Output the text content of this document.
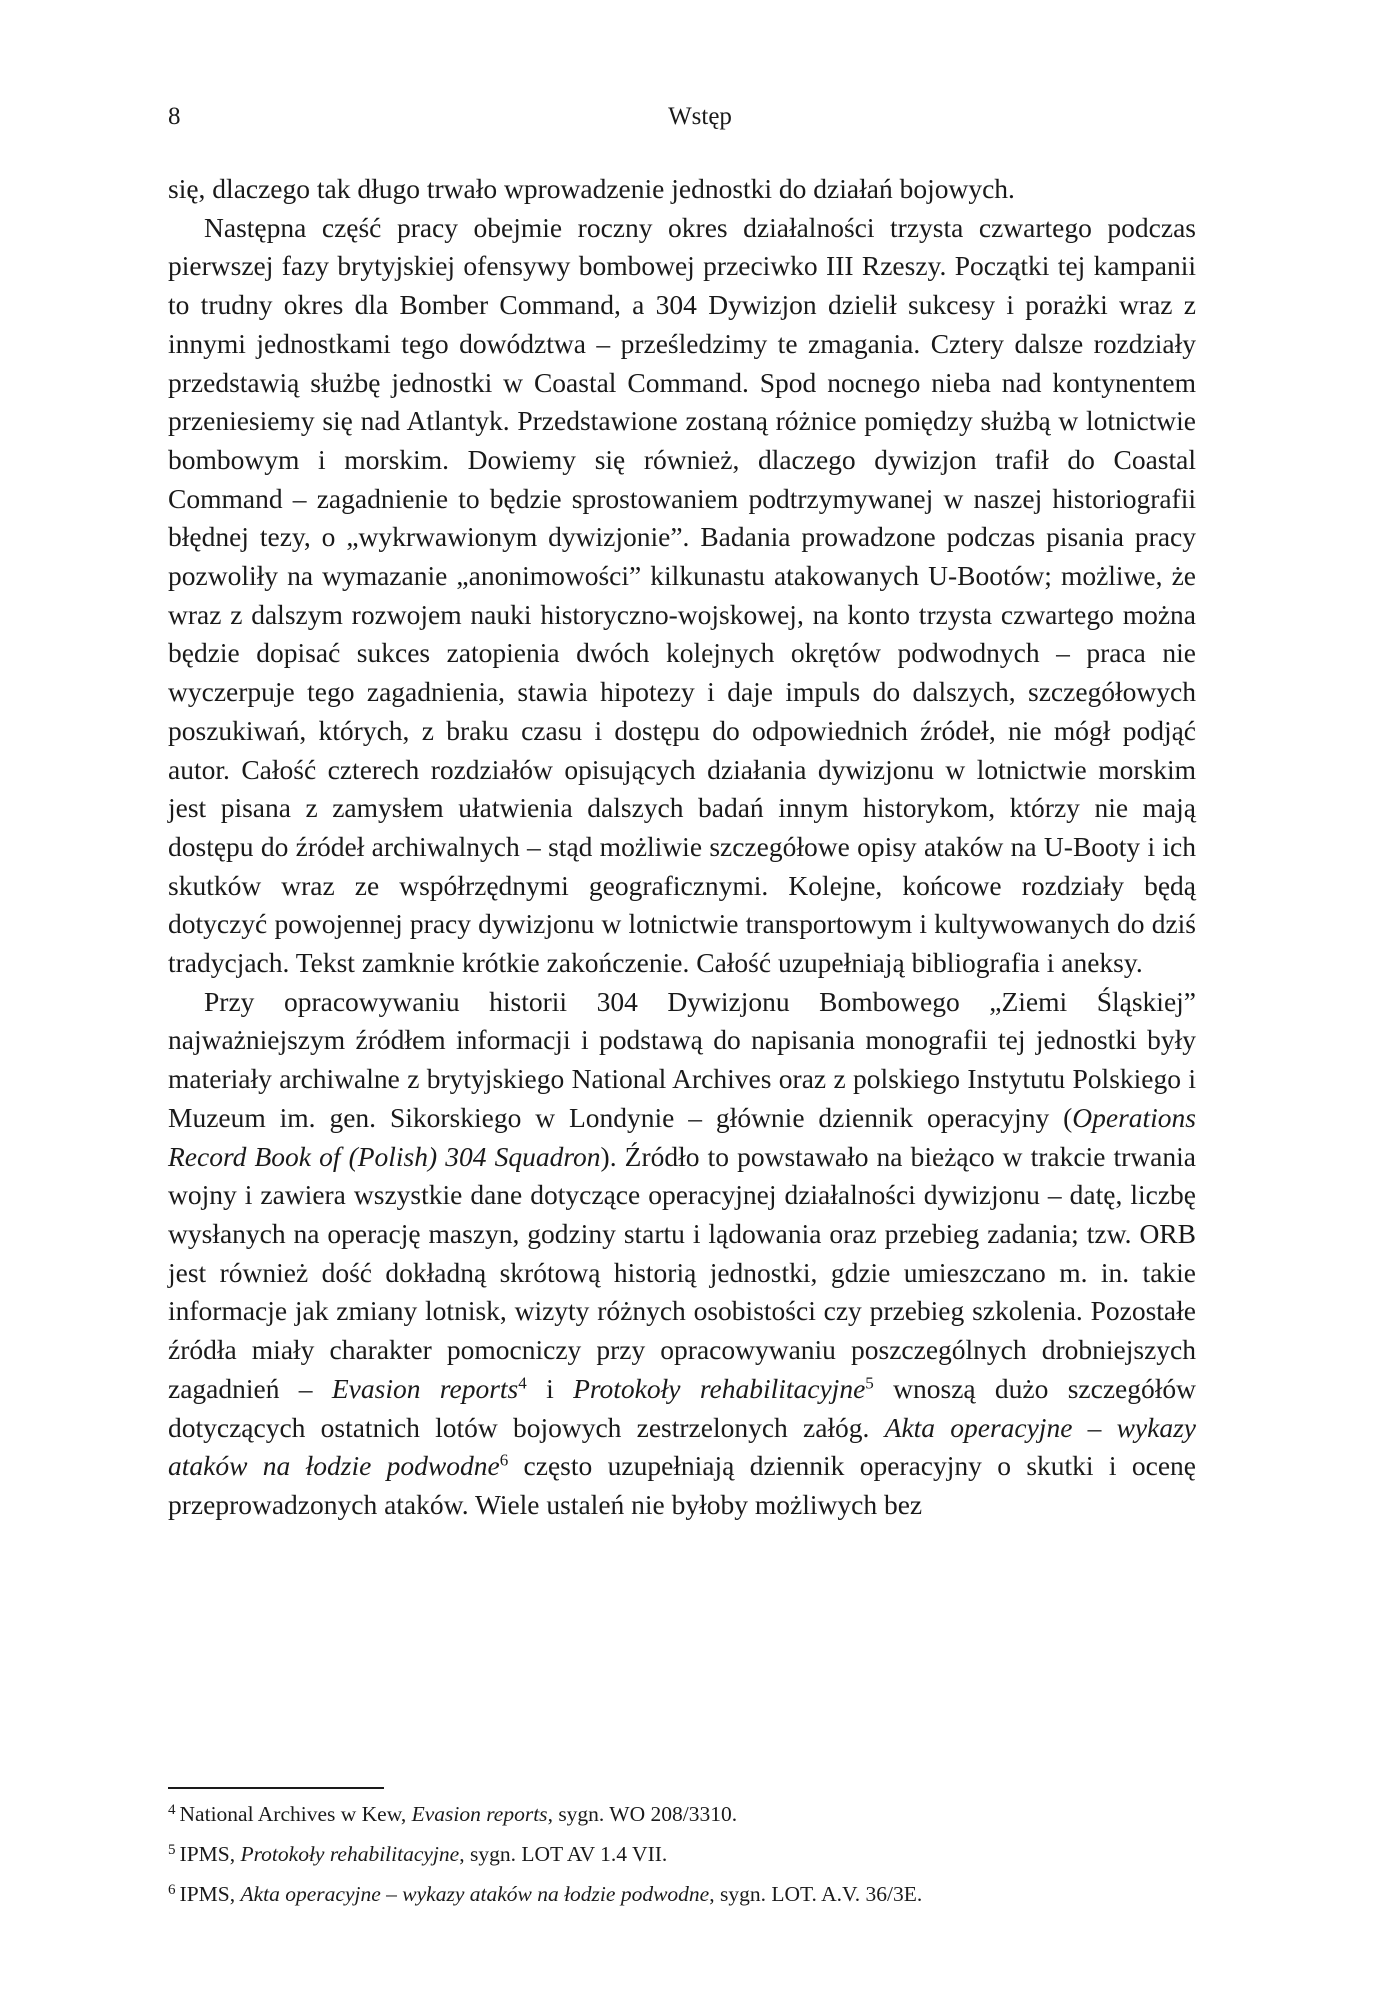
8	Wstęp

się, dlaczego tak długo trwało wprowadzenie jednostki do działań bojowych.

Następna część pracy obejmie roczny okres działalności trzysta czwartego podczas pierwszej fazy brytyjskiej ofensywy bombowej przeciwko III Rzeszy. Początki tej kampanii to trudny okres dla Bomber Command, a 304 Dywizjon dzielił sukcesy i porażki wraz z innymi jednostkami tego dowództwa – prześledzimy te zmagania. Cztery dalsze rozdziały przedstawią służbę jednostki w Coastal Command. Spod nocnego nieba nad kontynentem przeniesiemy się nad Atlantyk. Przedstawione zostaną różnice pomiędzy służbą w lotnictwie bombowym i morskim. Dowiemy się również, dlaczego dywizjon trafił do Coastal Command – zagadnienie to będzie sprostowaniem podtrzymywanej w naszej historiografii błędnej tezy, o „wykrwawionym dywizjonie”. Badania prowadzone podczas pisania pracy pozwoliły na wymazanie „anonimowości” kilkunastu atakowanych U-Bootów; możliwe, że wraz z dalszym rozwojem nauki historyczno-wojskowej, na konto trzysta czwartego można będzie dopisać sukces zatopienia dwóch kolejnych okrętów podwodnych – praca nie wyczerpuje tego zagadnienia, stawia hipotezy i daje impuls do dalszych, szczegółowych poszukiwań, których, z braku czasu i dostępu do odpowiednich źródeł, nie mógł podjąć autor. Całość czterech rozdziałów opisujących działania dywizjonu w lotnictwie morskim jest pisana z zamysłem ułatwienia dalszych badań innym historykom, którzy nie mają dostępu do źródeł archiwalnych – stąd możliwie szczegółowe opisy ataków na U-Booty i ich skutków wraz ze współrzędnymi geograficznymi. Kolejne, końcowe rozdziały będą dotyczyć powojennej pracy dywizjonu w lotnictwie transportowym i kultywowanych do dziś tradycjach. Tekst zamknie krótkie zakończenie. Całość uzupełniają bibliografia i aneksy.

Przy opracowywaniu historii 304 Dywizjonu Bombowego „Ziemi Śląskiej” najważniejszym źródłem informacji i podstawą do napisania monografii tej jednostki były materiały archiwalne z brytyjskiego National Archives oraz z polskiego Instytutu Polskiego i Muzeum im. gen. Sikorskiego w Londynie – głównie dziennik operacyjny (Operations Record Book of (Polish) 304 Squadron). Źródło to powstawało na bieżąco w trakcie trwania wojny i zawiera wszystkie dane dotyczące operacyjnej działalności dywizjonu – datę, liczbę wysłanych na operację maszyn, godziny startu i lądowania oraz przebieg zadania; tzw. ORB jest również dość dokładną skrótową historią jednostki, gdzie umieszczano m. in. takie informacje jak zmiany lotnisk, wizyty różnych osobistości czy przebieg szkolenia. Pozostałe źródła miały charakter pomocniczy przy opracowywaniu poszczególnych drobniejszych zagadnień – Evasion reports$^4$ i Protokoły rehabilitacyjne$^5$ wnoszą dużo szczegółów dotyczących ostatnich lotów bojowych zestrzelonych załóg. Akta operacyjne – wykazy ataków na łodzie podwodne$^6$ często uzupełniają dziennik operacyjny o skutki i ocenę przeprowadzonych ataków. Wiele ustaleń nie byłoby możliwych bez

$^4$ National Archives w Kew, Evasion reports, sygn. WO 208/3310.

$^5$ IPMS, Protokoły rehabilitacyjne, sygn. LOT AV 1.4 VII.

$^6$ IPMS, Akta operacyjne – wykazy ataków na łodzie podwodne, sygn. LOT. A.V. 36/3E.
